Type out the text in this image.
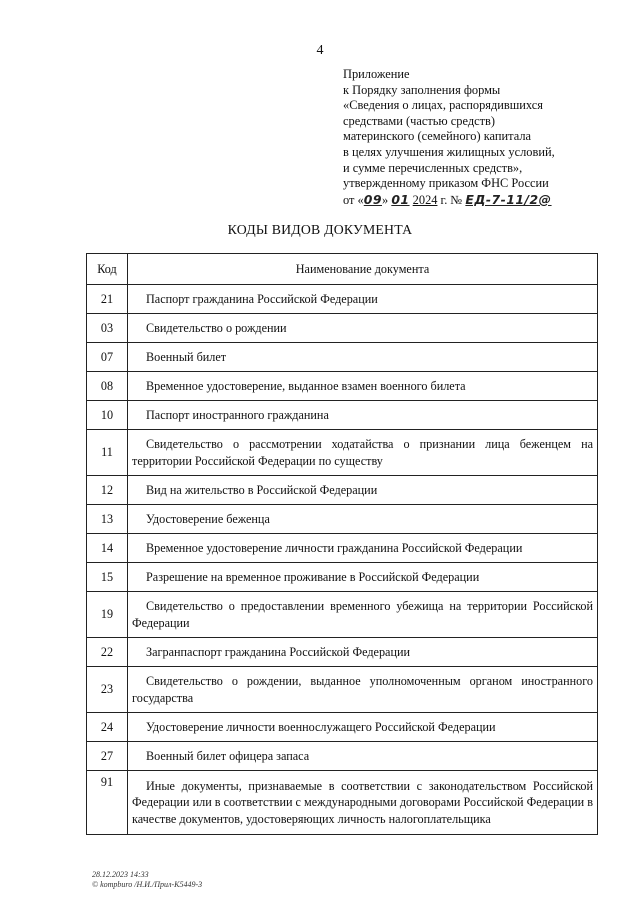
4
Приложение
к Порядку заполнения формы
«Сведения о лицах, распорядившихся
средствами (частью средств)
материнского (семейного) капитала
в целях улучшения жилищных условий,
и сумме перечисленных средств»,
утвержденному приказом ФНС России
от «09» 01 2024 г. № ЕД-7-11/2@
КОДЫ ВИДОВ ДОКУМЕНТА
Код	Наименование документа
21	Паспорт гражданина Российской Федерации
03	Свидетельство о рождении
07	Военный билет
08	Временное удостоверение, выданное взамен военного билета
10	Паспорт иностранного гражданина
11	Свидетельство о рассмотрении ходатайства о признании лица беженцем на территории Российской Федерации по существу
12	Вид на жительство в Российской Федерации
13	Удостоверение беженца
14	Временное удостоверение личности гражданина Российской Федерации
15	Разрешение на временное проживание в Российской Федерации
19	Свидетельство о предоставлении временного убежища на территории Российской Федерации
22	Загранпаспорт гражданина Российской Федерации
23	Свидетельство о рождении, выданное уполномоченным органом иностранного государства
24	Удостоверение личности военнослужащего Российской Федерации
27	Военный билет офицера запаса
91	Иные документы, признаваемые в соответствии с законодательством Российской Федерации или в соответствии с международными договорами Российской Федерации в качестве документов, удостоверяющих личность налогоплательщика
28.12.2023 14:33
© kompburo /Н.И./Прил-К5449-3
